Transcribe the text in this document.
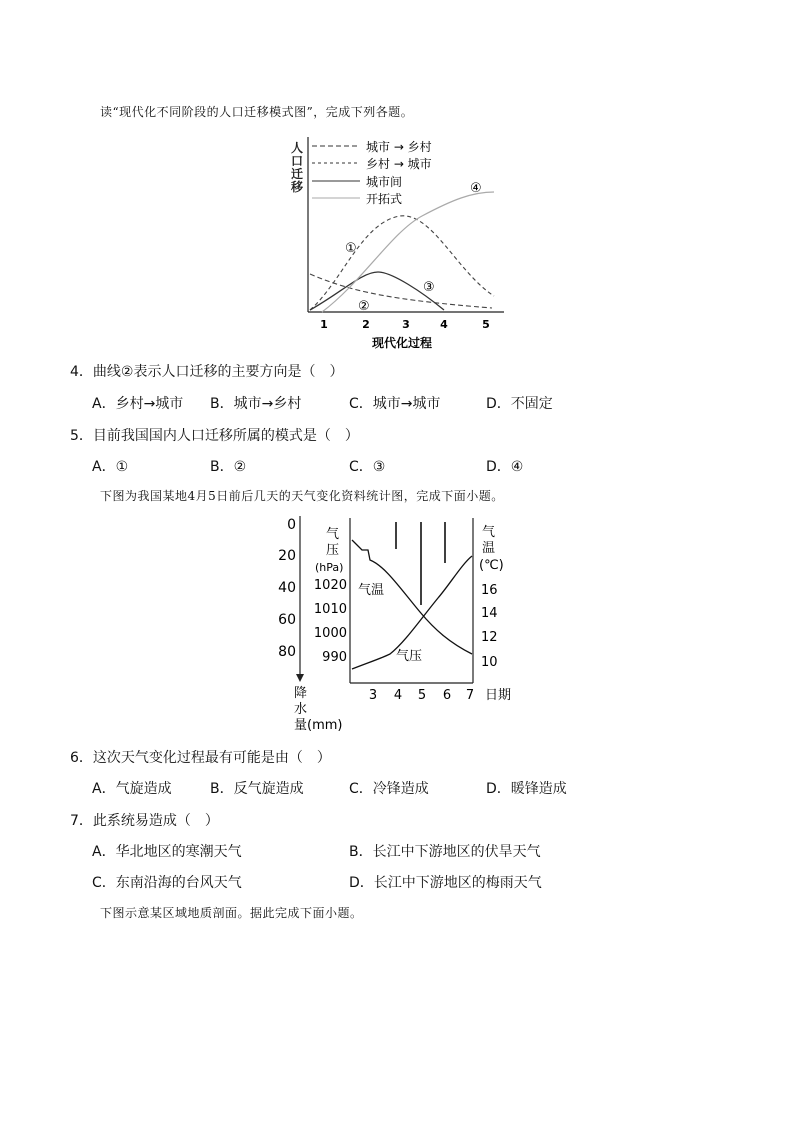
读“现代化不同阶段的人口迁移模式图”，完成下列各题。
人
口
迁
移
城市 → 乡村
乡村 → 城市
城市间
开拓式
①
②
③
④
1	2	3	4	5
现代化过程
4．曲线②表示人口迁移的主要方向是（　）
A．乡村→城市 B．城市→乡村	C．城市→城市	D．不固定
5．目前我国国内人口迁移所属的模式是（　）
A．①	B．②	C．③	D．④
下图为我国某地4月5日前后几天的天气变化资料统计图，完成下面小题。
0
20
40
60
80
降
水
量(mm)
气
压
(hPa)
1020
1010
1000
990
气
温
(℃)
16
14
12
10
3 4 5 6 7 日期
气温
气压
6．这次天气变化过程最有可能是由（　）
A．气旋造成	B．反气旋造成	C．冷锋造成	D．暖锋造成
7．此系统易造成（　）
A．华北地区的寒潮天气	B．长江中下游地区的伏旱天气
C．东南沿海的台风天气	D．长江中下游地区的梅雨天气
下图示意某区域地质剖面。据此完成下面小题。
